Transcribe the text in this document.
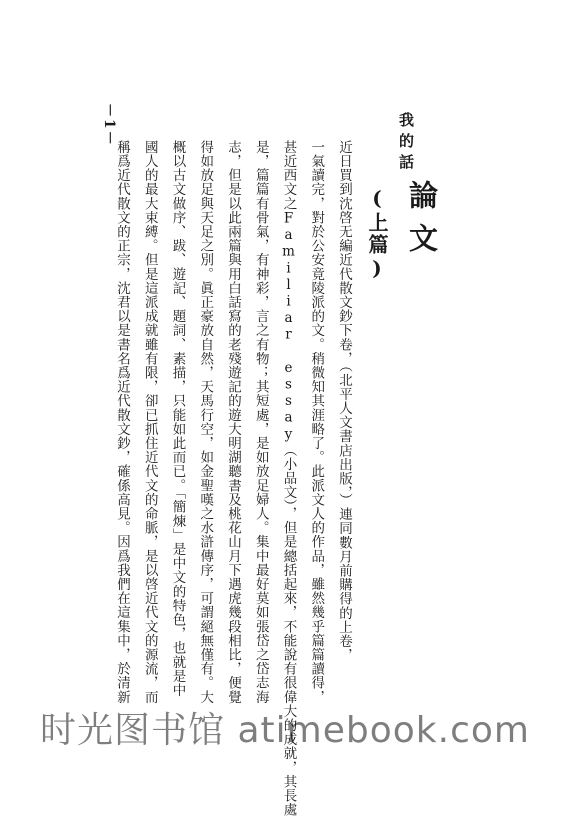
我的話
－1－
論文
(上篇)
近日買到沈啓无編近代散文鈔下卷，（北平人文書店出版，）連同數月前購得的上卷，
一氣讀完，對於公安竟陵派的文。稍微知其涯略了。此派文人的作品，雖然幾乎篇篇讀得，
甚近西文之Familiar essay（小品文），但是總括起來，不能說有很偉大的成就，其長處
是，篇篇有骨氣，有神彩，言之有物；其短處，是如放足婦人。集中最好莫如張岱之岱志海
志，但是以此兩篇與用白話寫的老殘遊記的遊大明湖聽書及桃花山月下遇虎幾段相比，便覺
得如放足與天足之別。眞正豪放自然，天馬行空，如金聖嘆之水滸傳序，可謂絕無僅有。大
概以古文做序、跋、遊記、題詞、素描，只能如此而已。「簡煉」是中文的特色，也就是中
國人的最大束縛。但是這派成就雖有限，卻已抓住近代文的命脈，是以啓近代文的源流，而
稱爲近代散文的正宗，沈君以是書名爲近代散文鈔，確係高見。因爲我們在這集中，於清新
时光图书馆 atimebook.com
